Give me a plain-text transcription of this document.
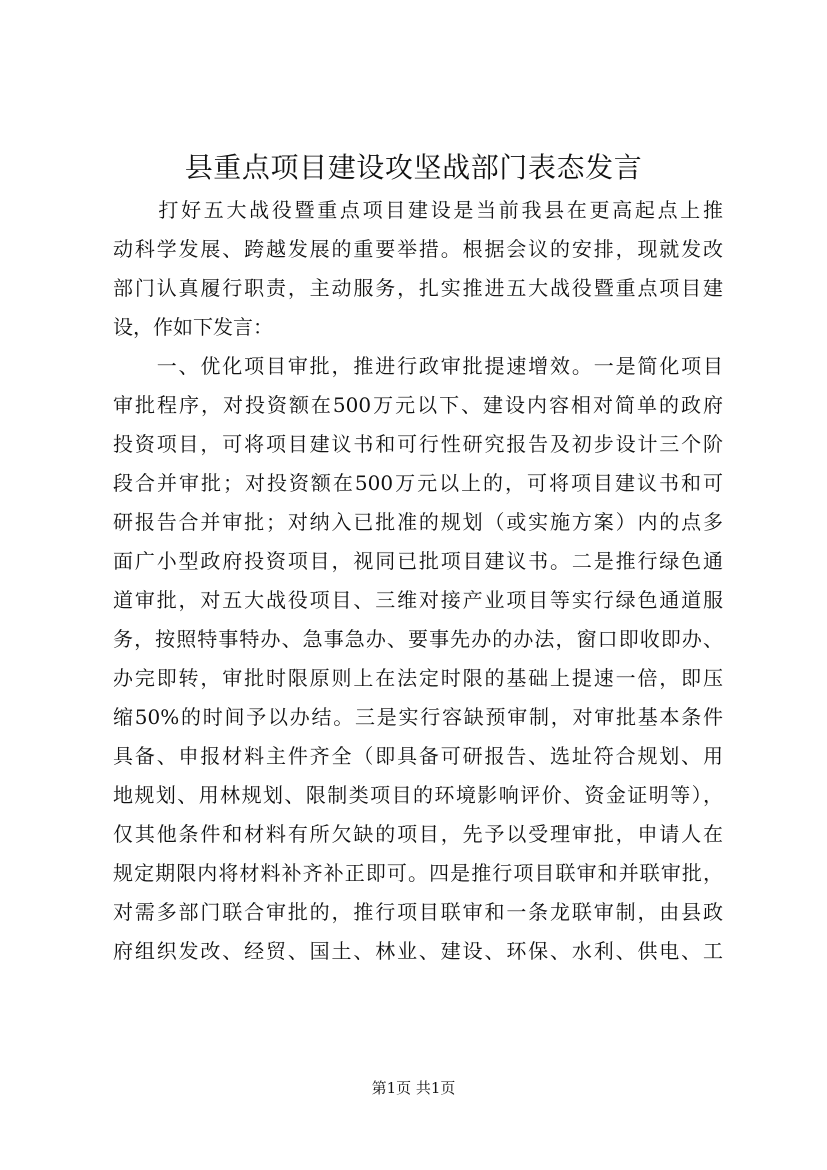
县重点项目建设攻坚战部门表态发言
　　打好五大战役暨重点项目建设是当前我县在更高起点上推
动科学发展、跨越发展的重要举措。根据会议的安排，现就发改
部门认真履行职责，主动服务，扎实推进五大战役暨重点项目建
设，作如下发言：
　　一、优化项目审批，推进行政审批提速增效。一是简化项目
审批程序，对投资额在500万元以下、建设内容相对简单的政府
投资项目，可将项目建议书和可行性研究报告及初步设计三个阶
段合并审批；对投资额在500万元以上的，可将项目建议书和可
研报告合并审批；对纳入已批准的规划（或实施方案）内的点多
面广小型政府投资项目，视同已批项目建议书。二是推行绿色通
道审批，对五大战役项目、三维对接产业项目等实行绿色通道服
务，按照特事特办、急事急办、要事先办的办法，窗口即收即办、
办完即转，审批时限原则上在法定时限的基础上提速一倍，即压
缩50%的时间予以办结。三是实行容缺预审制，对审批基本条件
具备、申报材料主件齐全（即具备可研报告、选址符合规划、用
地规划、用林规划、限制类项目的环境影响评价、资金证明等），
仅其他条件和材料有所欠缺的项目，先予以受理审批，申请人在
规定期限内将材料补齐补正即可。四是推行项目联审和并联审批，
对需多部门联合审批的，推行项目联审和一条龙联审制，由县政
府组织发改、经贸、国土、林业、建设、环保、水利、供电、工
第1页 共1页
